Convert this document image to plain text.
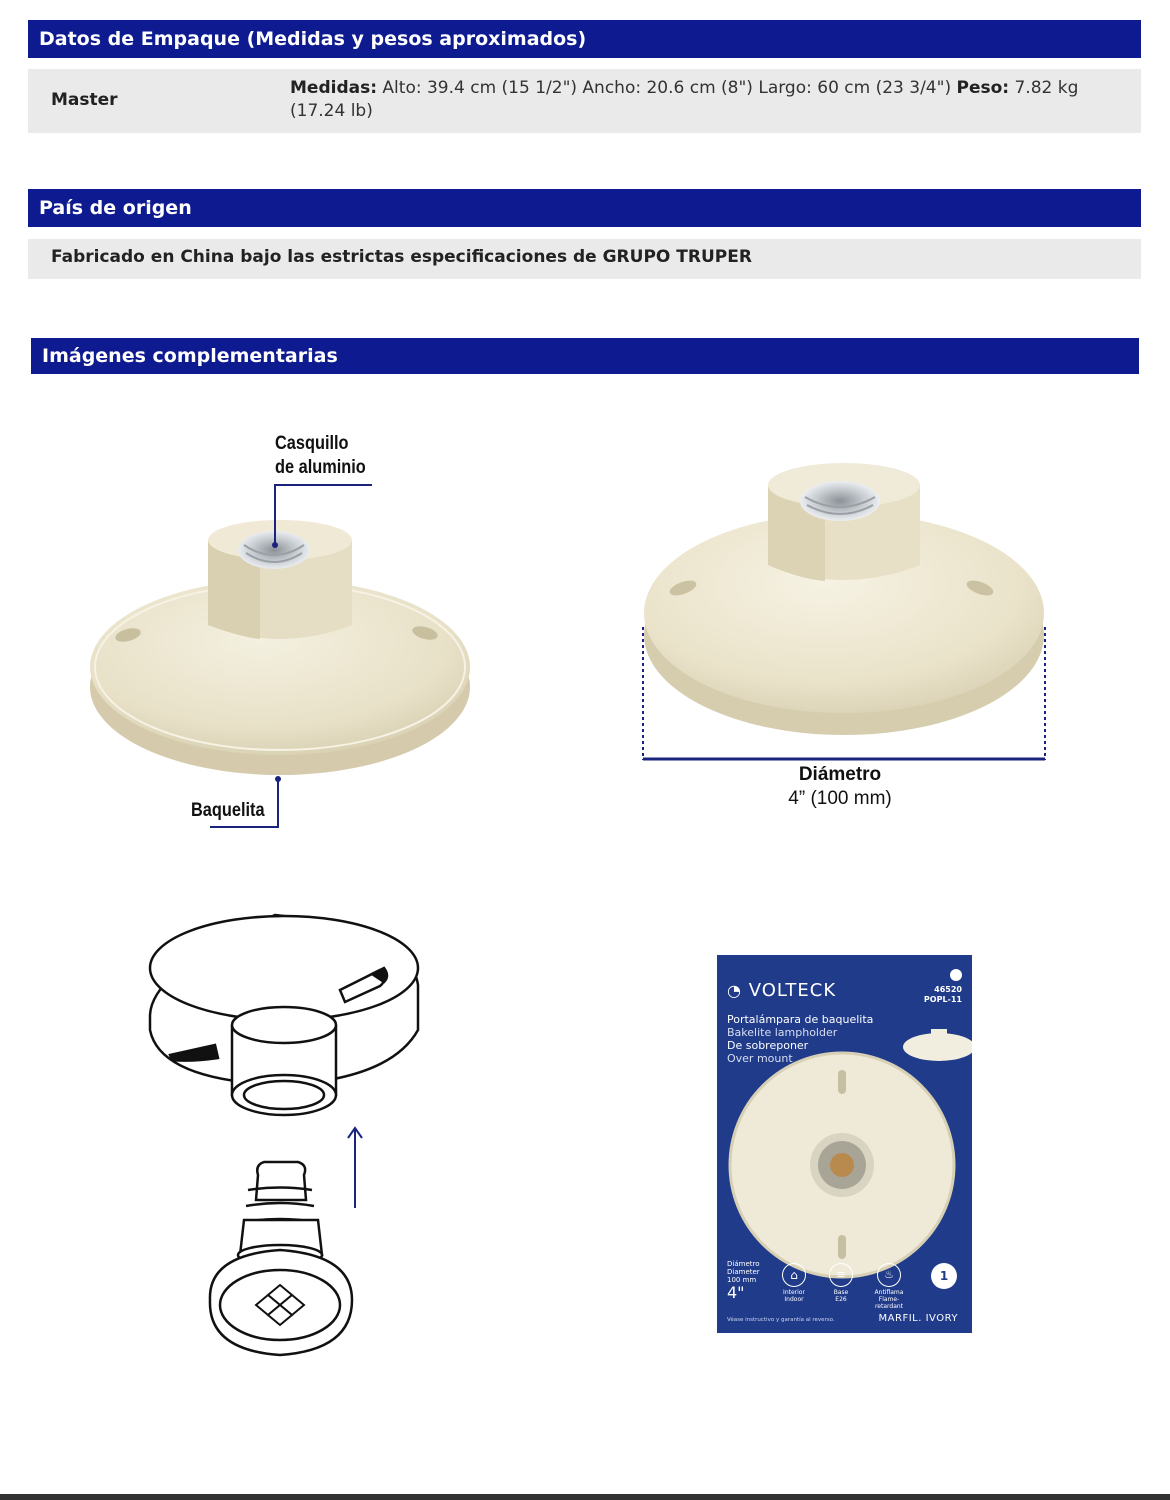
Datos de Empaque (Medidas y pesos aproximados)
Master
Medidas: Alto: 39.4 cm (15 1/2") Ancho: 20.6 cm (8") Largo: 60 cm (23 3/4") Peso: 7.82 kg (17.24 lb)
País de origen
Fabricado en China bajo las estrictas especificaciones de GRUPO TRUPER
Imágenes complementarias
Casquillo
de aluminio
Baquelita
Diámetro
4” (100 mm)
◔ VOLTECK	46520
POPL-11
Portalámpara de baquelita
Bakelite lampholder
De sobreponer
Over mount
Diámetro
Diameter
100 mm
4"
⌂
Interior
Indoor
≡
Base
E26
♨
Antiflama
Flame-retardant
1
Véase instructivo y garantía al reverso.	MARFIL. IVORY
